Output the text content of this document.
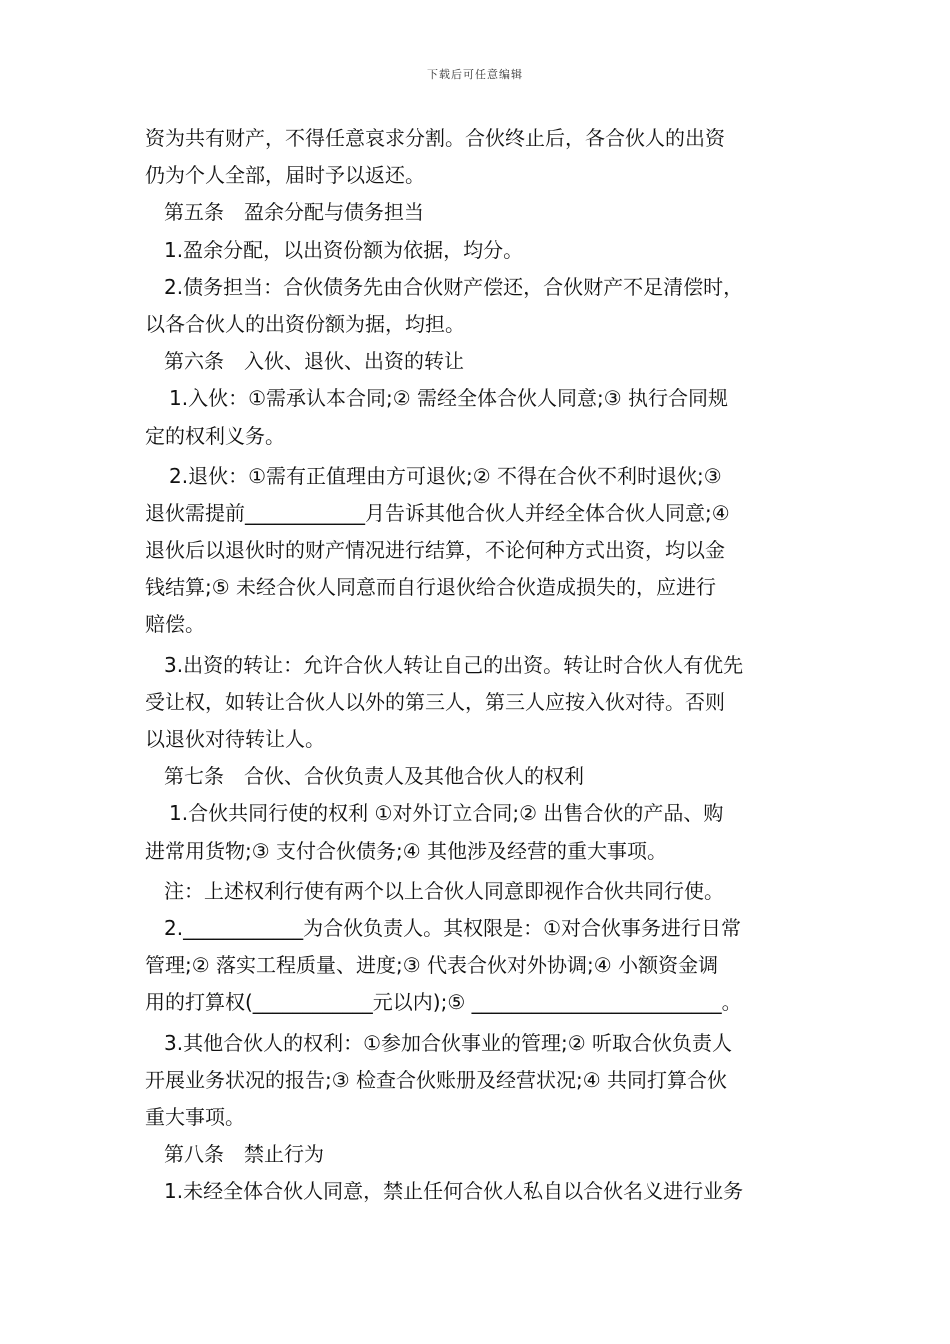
下载后可任意编辑
资为共有财产，不得任意哀求分割。合伙终止后，各合伙人的出资
仍为个人全部，届时予以返还。
第五条　盈余分配与债务担当
1.盈余分配，以出资份额为依据，均分。
2.债务担当：合伙债务先由合伙财产偿还，合伙财产不足清偿时，
以各合伙人的出资份额为据，均担。
第六条　入伙、退伙、出资的转让
1.入伙：①需承认本合同;② 需经全体合伙人同意;③ 执行合同规
定的权利义务。
2.退伙：①需有正值理由方可退伙;② 不得在合伙不利时退伙;③
退伙需提前____________月告诉其他合伙人并经全体合伙人同意;④
退伙后以退伙时的财产情况进行结算，不论何种方式出资，均以金
钱结算;⑤ 未经合伙人同意而自行退伙给合伙造成损失的，应进行
赔偿。
3.出资的转让：允许合伙人转让自己的出资。转让时合伙人有优先
受让权，如转让合伙人以外的第三人，第三人应按入伙对待。否则
以退伙对待转让人。
第七条　合伙、合伙负责人及其他合伙人的权利
1.合伙共同行使的权利 ①对外订立合同;② 出售合伙的产品、购
进常用货物;③ 支付合伙债务;④ 其他涉及经营的重大事项。
注：上述权利行使有两个以上合伙人同意即视作合伙共同行使。
2.____________为合伙负责人。其权限是：①对合伙事务进行日常
管理;② 落实工程质量、进度;③ 代表合伙对外协调;④ 小额资金调
用的打算权(____________元以内);⑤ _________________________。
3.其他合伙人的权利：①参加合伙事业的管理;② 听取合伙负责人
开展业务状况的报告;③ 检查合伙账册及经营状况;④ 共同打算合伙
重大事项。
第八条　禁止行为
1.未经全体合伙人同意，禁止任何合伙人私自以合伙名义进行业务
